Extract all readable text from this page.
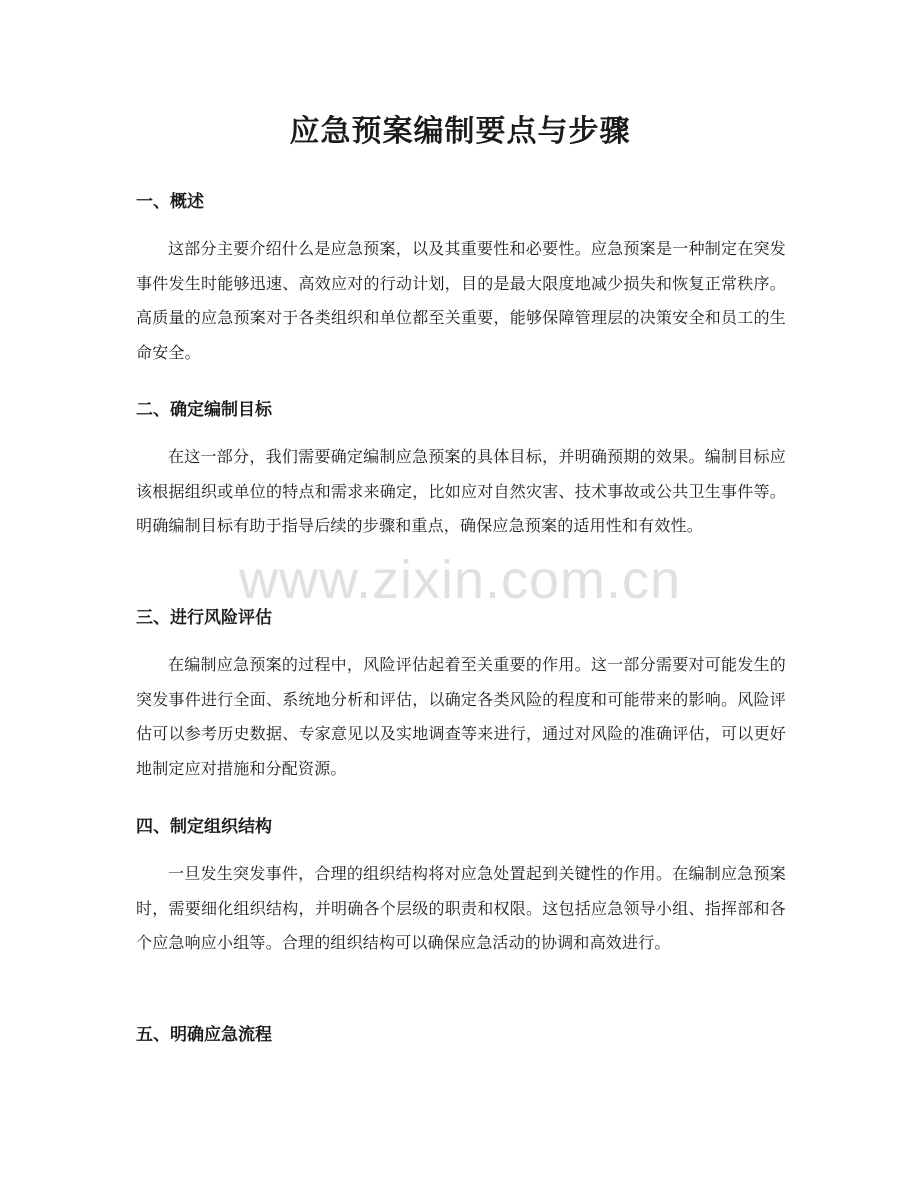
应急预案编制要点与步骤
一、概述

这部分主要介绍什么是应急预案，以及其重要性和必要性。应急预案是一种制定在突发事件发生时能够迅速、高效应对的行动计划，目的是最大限度地减少损失和恢复正常秩序。高质量的应急预案对于各类组织和单位都至关重要，能够保障管理层的决策安全和员工的生命安全。

二、确定编制目标

在这一部分，我们需要确定编制应急预案的具体目标，并明确预期的效果。编制目标应该根据组织或单位的特点和需求来确定，比如应对自然灾害、技术事故或公共卫生事件等。明确编制目标有助于指导后续的步骤和重点，确保应急预案的适用性和有效性。

三、进行风险评估

在编制应急预案的过程中，风险评估起着至关重要的作用。这一部分需要对可能发生的突发事件进行全面、系统地分析和评估，以确定各类风险的程度和可能带来的影响。风险评估可以参考历史数据、专家意见以及实地调查等来进行，通过对风险的准确评估，可以更好地制定应对措施和分配资源。

四、制定组织结构

一旦发生突发事件，合理的组织结构将对应急处置起到关键性的作用。在编制应急预案时，需要细化组织结构，并明确各个层级的职责和权限。这包括应急领导小组、指挥部和各个应急响应小组等。合理的组织结构可以确保应急活动的协调和高效进行。

五、明确应急流程
www.zixin.com.cn
